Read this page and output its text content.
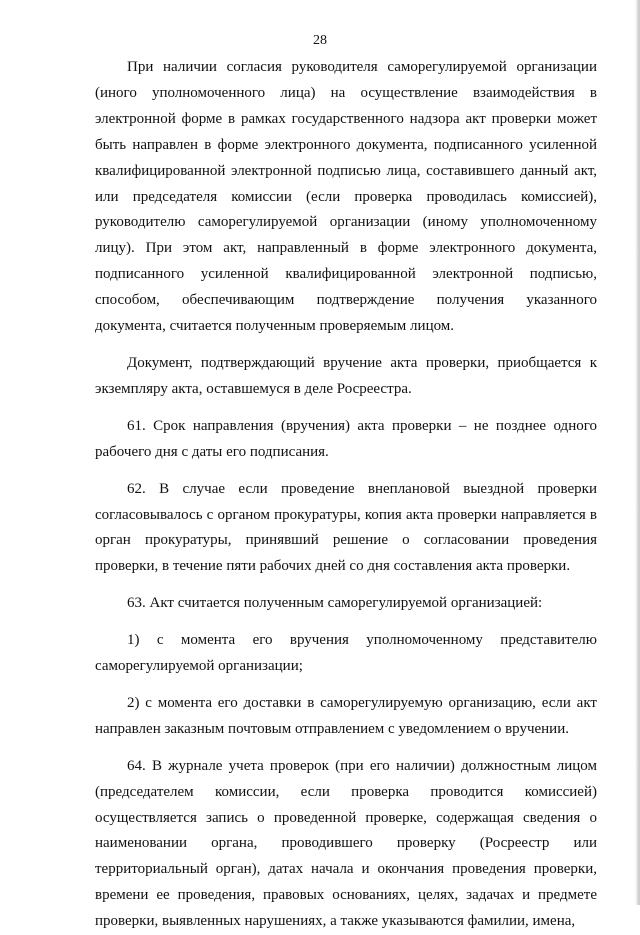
28

При наличии согласия руководителя саморегулируемой организации (иного уполномоченного лица) на осуществление взаимодействия в электронной форме в рамках государственного надзора акт проверки может быть направлен в форме электронного документа, подписанного усиленной квалифицированной электронной подписью лица, составившего данный акт, или председателя комиссии (если проверка проводилась комиссией), руководителю саморегулируемой организации (иному уполномоченному лицу). При этом акт, направленный в форме электронного документа, подписанного усиленной квалифицированной электронной подписью, способом, обеспечивающим подтверждение получения указанного документа, считается полученным проверяемым лицом.

Документ, подтверждающий вручение акта проверки, приобщается к экземпляру акта, оставшемуся в деле Росреестра.

61. Срок направления (вручения) акта проверки – не позднее одного рабочего дня с даты его подписания.

62. В случае если проведение внеплановой выездной проверки согласовывалось с органом прокуратуры, копия акта проверки направляется в орган прокуратуры, принявший решение о согласовании проведения проверки, в течение пяти рабочих дней со дня составления акта проверки.

63. Акт считается полученным саморегулируемой организацией:

1) с момента его вручения уполномоченному представителю саморегулируемой организации;

2) с момента его доставки в саморегулируемую организацию, если акт направлен заказным почтовым отправлением с уведомлением о вручении.

64. В журнале учета проверок (при его наличии) должностным лицом (председателем комиссии, если проверка проводится комиссией) осуществляется запись о проведенной проверке, содержащая сведения о наименовании органа, проводившего проверку (Росреестр или территориальный орган), датах начала и окончания проведения проверки, времени ее проведения, правовых основаниях, целях, задачах и предмете проверки, выявленных нарушениях, а также указываются фамилии, имена,
